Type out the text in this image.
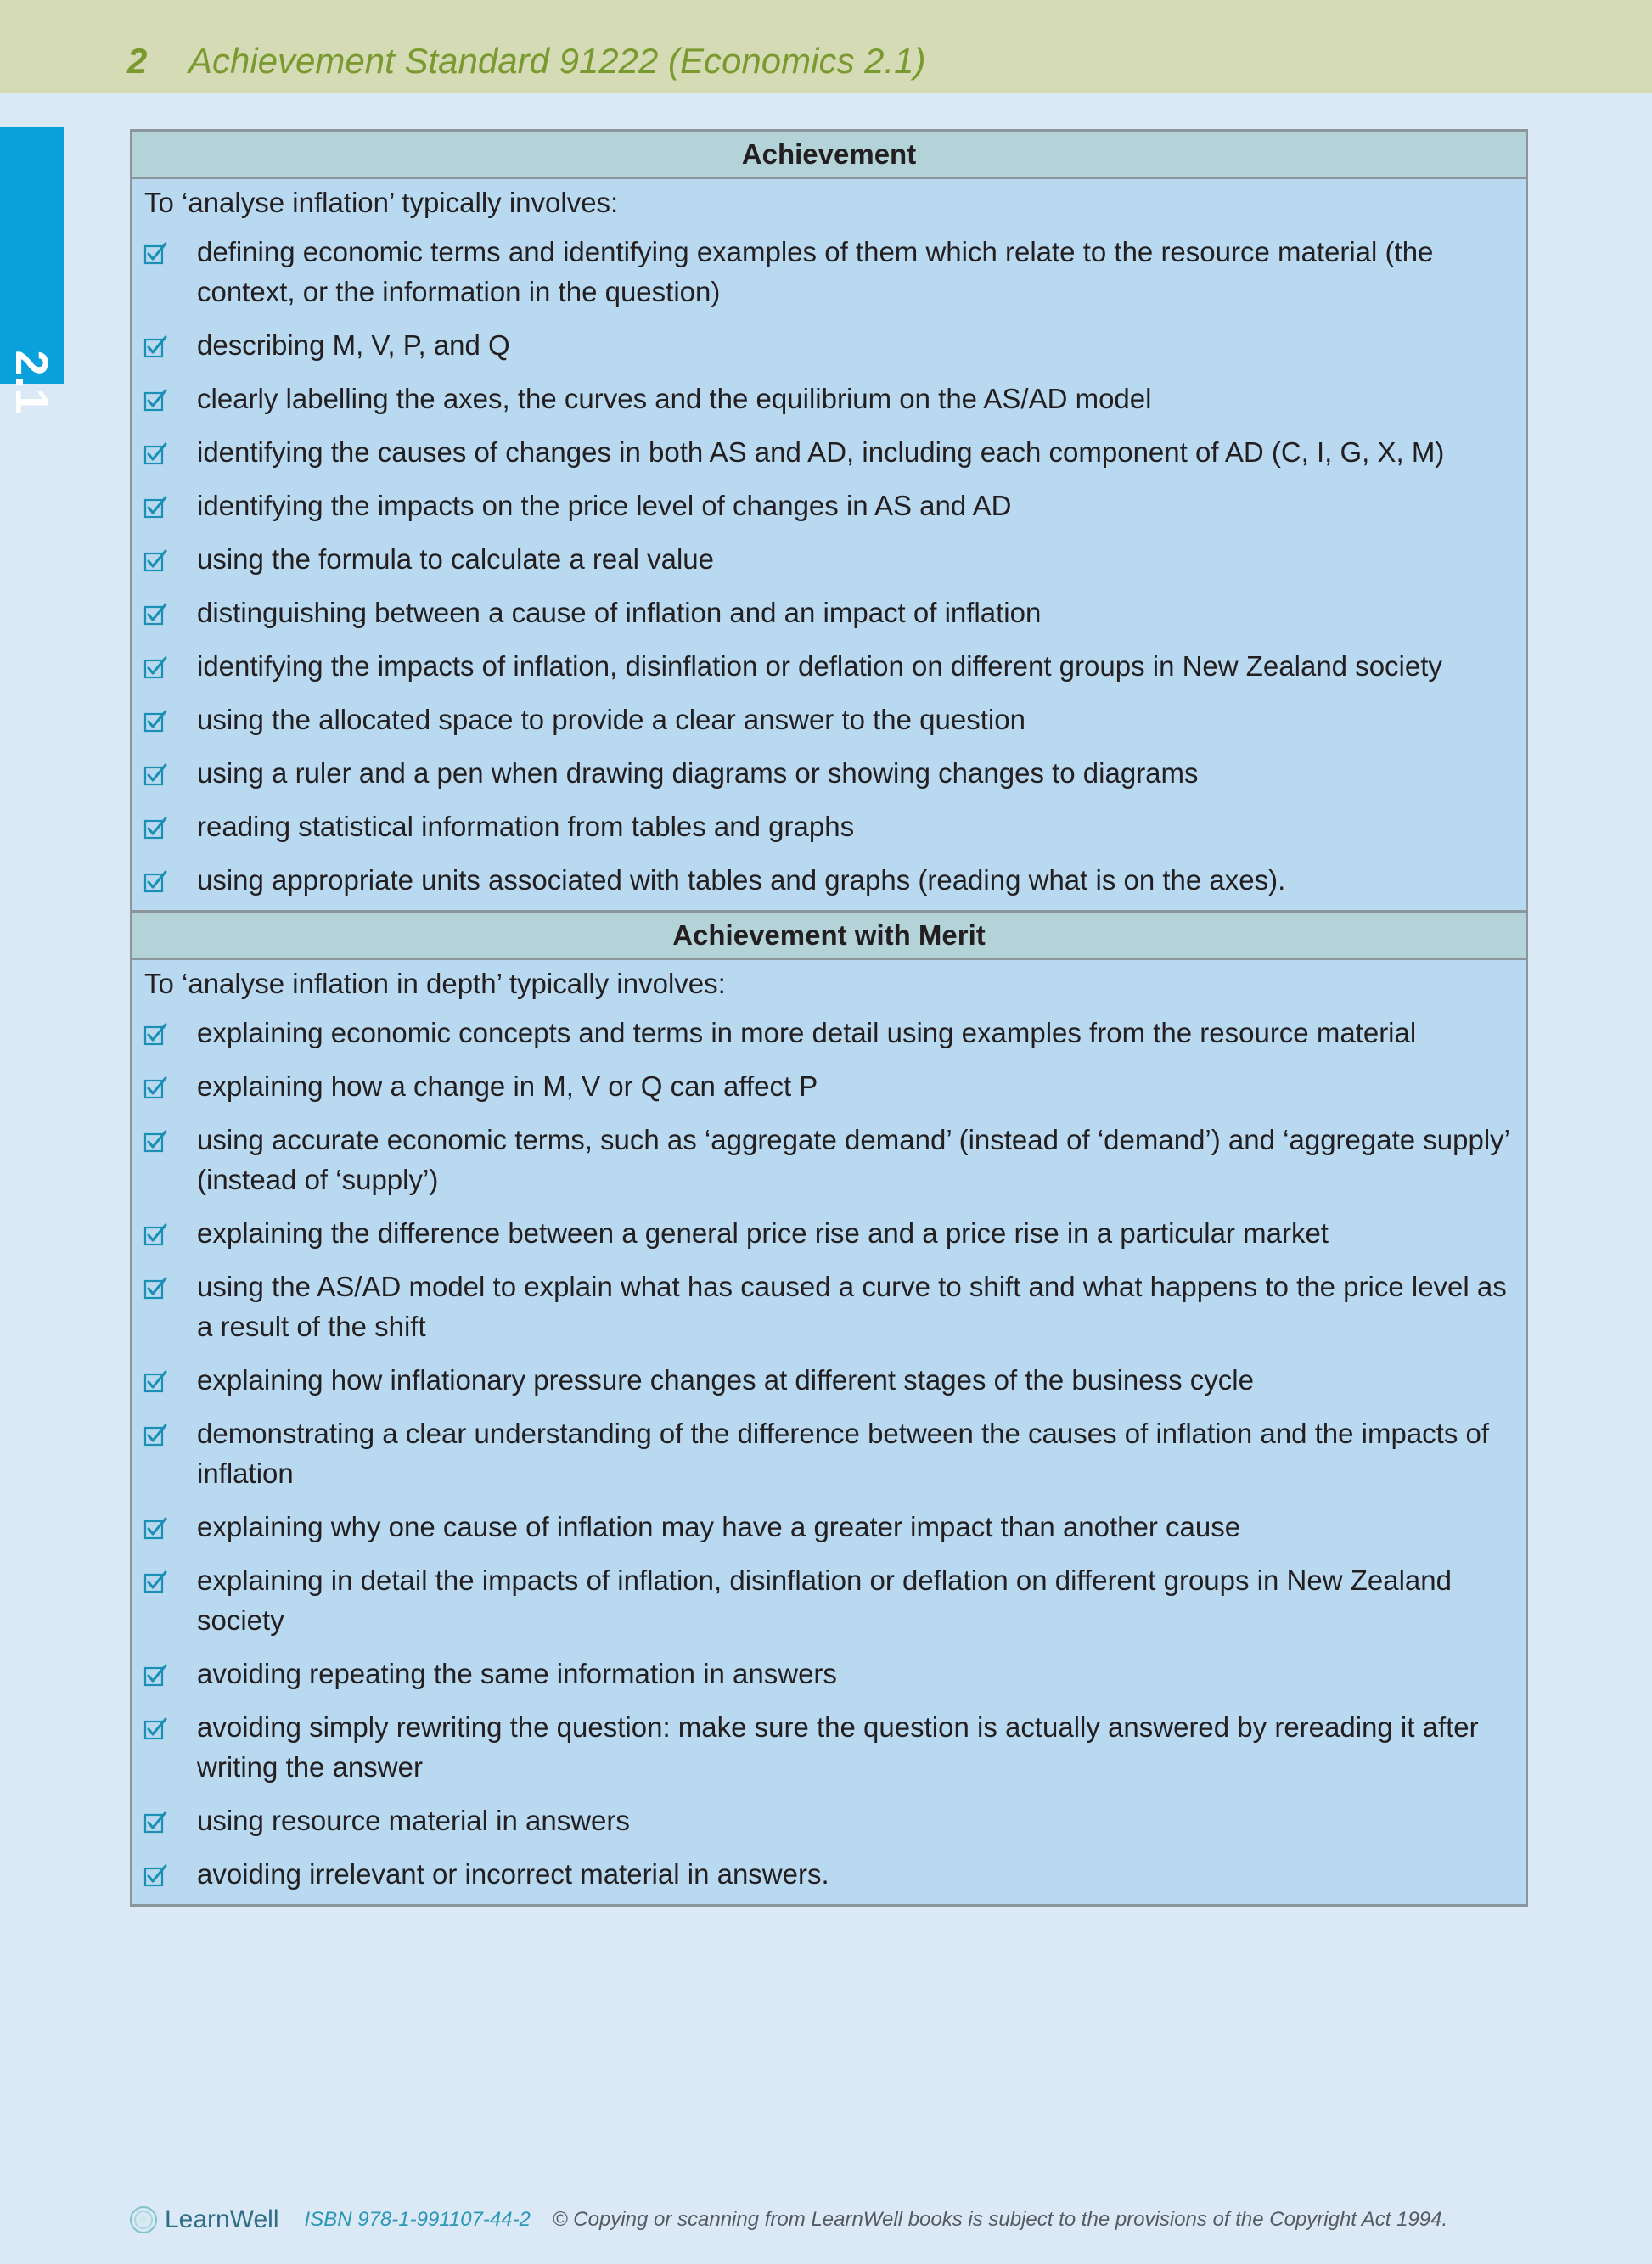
2 Achievement Standard 91222 (Economics 2.1)
2.1
Achievement
To ‘analyse inflation’ typically involves:
defining economic terms and identifying examples of them which relate to the resource material (the context, or the information in the question)
describing M, V, P, and Q
clearly labelling the axes, the curves and the equilibrium on the AS/AD model
identifying the causes of changes in both AS and AD, including each component of AD (C, I, G, X, M)
identifying the impacts on the price level of changes in AS and AD
using the formula to calculate a real value
distinguishing between a cause of inflation and an impact of inflation
identifying the impacts of inflation, disinflation or deflation on different groups in New Zealand society
using the allocated space to provide a clear answer to the question
using a ruler and a pen when drawing diagrams or showing changes to diagrams
reading statistical information from tables and graphs
using appropriate units associated with tables and graphs (reading what is on the axes).
Achievement with Merit
To ‘analyse inflation in depth’ typically involves:
explaining economic concepts and terms in more detail using examples from the resource material
explaining how a change in M, V or Q can affect P
using accurate economic terms, such as ‘aggregate demand’ (instead of ‘demand’) and ‘aggregate supply’ (instead of ‘supply’)
explaining the difference between a general price rise and a price rise in a particular market
using the AS/AD model to explain what has caused a curve to shift and what happens to the price level as a result of the shift
explaining how inflationary pressure changes at different stages of the business cycle
demonstrating a clear understanding of the difference between the causes of inflation and the impacts of inflation
explaining why one cause of inflation may have a greater impact than another cause
explaining in detail the impacts of inflation, disinflation or deflation on different groups in New Zealand society
avoiding repeating the same information in answers
avoiding simply rewriting the question: make sure the question is actually answered by rereading it after writing the answer
using resource material in answers
avoiding irrelevant or incorrect material in answers.
LearnWell ISBN 978-1-991107-44-2 © Copying or scanning from LearnWell books is subject to the provisions of the Copyright Act 1994.
